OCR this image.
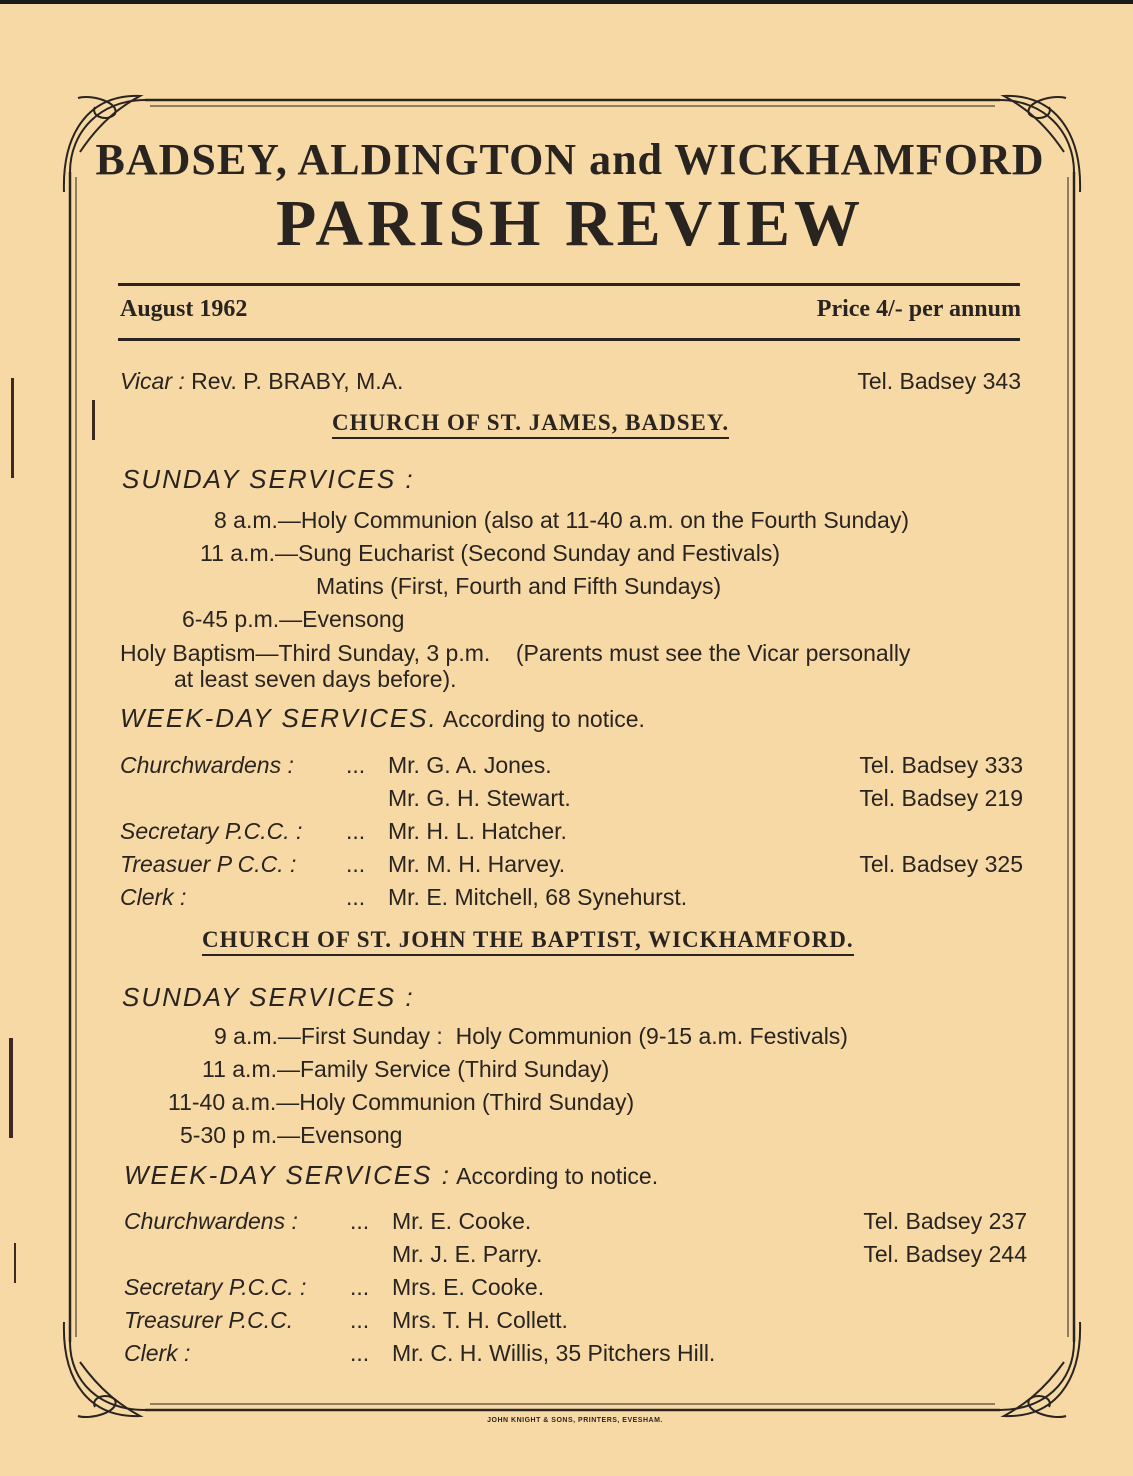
BADSEY, ALDINGTON and WICKHAMFORD
PARISH REVIEW
August 1962	Price 4/- per annum
Vicar : Rev. P. BRABY, M.A.	Tel. Badsey 343
CHURCH OF ST. JAMES, BADSEY.
SUNDAY SERVICES :
8 a.m.—Holy Communion (also at 11-40 a.m. on the Fourth Sunday)
11 a.m.—Sung Eucharist (Second Sunday and Festivals)
Matins (First, Fourth and Fifth Sundays)
6-45 p.m.—Evensong
Holy Baptism—Third Sunday, 3 p.m.    (Parents must see the Vicar personally
at least seven days before).
WEEK-DAY SERVICES. According to notice.
Churchwardens : ... Mr. G. A. Jones.	Tel. Badsey 333
Mr. G. H. Stewart.	Tel. Badsey 219
Secretary P.C.C. : ... Mr. H. L. Hatcher.
Treasuer P C.C. : ... Mr. M. H. Harvey.	Tel. Badsey 325
Clerk :	... Mr. E. Mitchell, 68 Synehurst.
CHURCH OF ST. JOHN THE BAPTIST, WICKHAMFORD.
SUNDAY SERVICES :
9 a.m.—First Sunday :  Holy Communion (9-15 a.m. Festivals)
11 a.m.—Family Service (Third Sunday)
11-40 a.m.—Holy Communion (Third Sunday)
5-30 p m.—Evensong
WEEK-DAY SERVICES : According to notice.
Churchwardens : ... Mr. E. Cooke.	Tel. Badsey 237
Mr. J. E. Parry.	Tel. Badsey 244
Secretary P.C.C. : ... Mrs. E. Cooke.
Treasurer P.C.C. ... Mrs. T. H. Collett.
Clerk :	... Mr. C. H. Willis, 35 Pitchers Hill.
JOHN KNIGHT & SONS, PRINTERS, EVESHAM.
